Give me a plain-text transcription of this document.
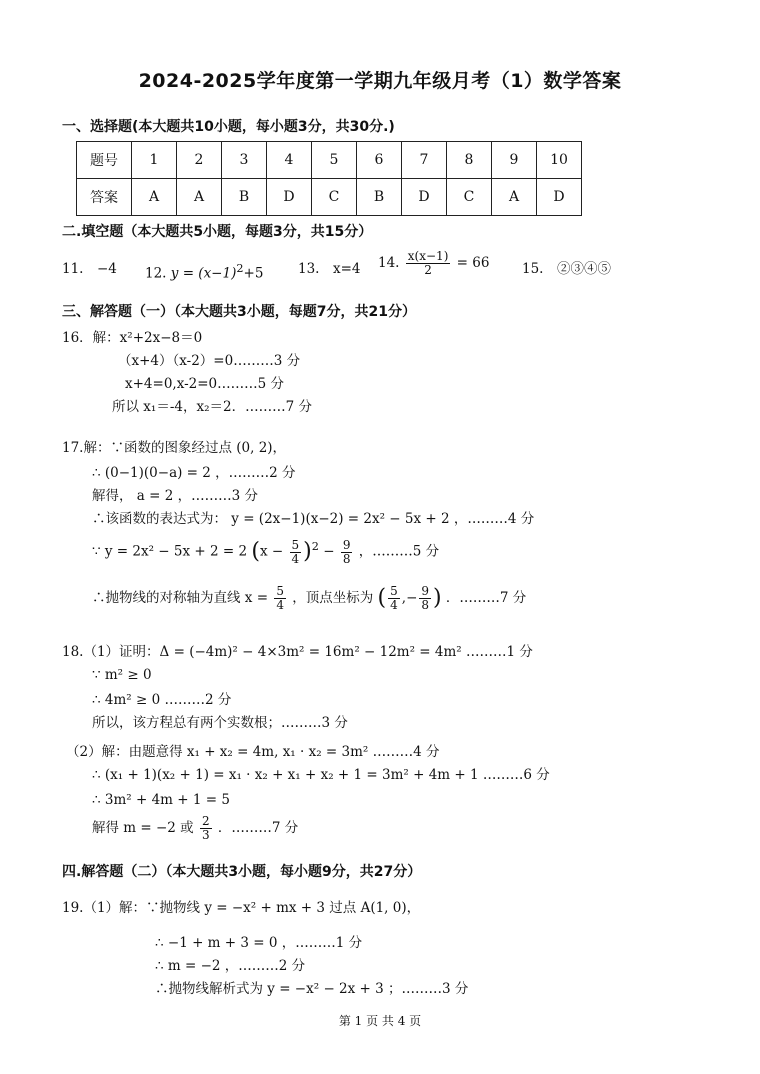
2024-2025学年度第一学期九年级月考（1）数学答案
一、选择题(本大题共10小题，每小题3分，共30分.)
题号	1	2	3	4	5	6	7	8	9	10
答案	A	A	B	D	C	B	D	C	A	D
二.填空题（本大题共5小题，每题3分，共15分）
11.　−4 12. $y = (x-1)^2+5$	13.　x=4 14. $\frac{x(x-1)}{2} = 66$ 15.　②③④⑤
三、解答题（一）（本大题共3小题，每题7分，共21分）
16．解：x²+2x−8＝0
（x+4）（x-2）=0………3 分
x+4=0,x-2=0………5 分
所以 x₁＝-4，x₂＝2．………7 分
17.解：∵函数的图象经过点 (0, 2)，
∴ (0−1)(0−a) = 2 ，………2 分
解得， a = 2 ，………3 分
∴该函数的表达式为： y = (2x−1)(x−2) = 2x² − 5x + 2 ，………4 分
∵ y = 2x² − 5x + 2 = 2 $(x - \frac{5}{4} )^2 - \frac{9}{8}$ ，………5 分
∴抛物线的对称轴为直线 $x = \frac{5}{4}$ ，顶点坐标为 ( $\frac{5}{4}$ ,− $\frac{9}{8}$ ) ．………7 分
18.（1）证明：Δ = (−4m)² − 4×3m² = 16m² − 12m² = 4m² ………1 分
∵ m² ≥ 0
∴ 4m² ≥ 0 ………2 分
所以，该方程总有两个实数根；………3 分
（2）解：由题意得 x₁ + x₂ = 4m, x₁ · x₂ = 3m² ………4 分
∴ (x₁ + 1)(x₂ + 1) = x₁ · x₂ + x₁ + x₂ + 1 = 3m² + 4m + 1 ………6 分
∴ 3m² + 4m + 1 = 5
解得 m = −2 或 $\frac{2}{3}$ ．………7 分
四.解答题（二）（本大题共3小题，每小题9分，共27分）
19.（1）解：∵抛物线 y = −x² + mx + 3 过点 A(1, 0)，
∴ −1 + m + 3 = 0 ，………1 分
∴ m = −2 ，………2 分
∴抛物线解析式为 y = −x² − 2x + 3 ；………3 分
第 1 页 共 4 页
